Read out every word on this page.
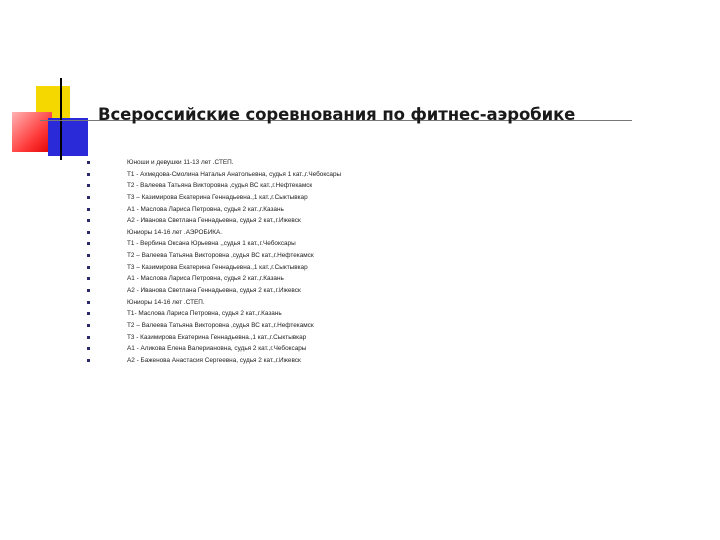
Всероссийские соревнования по фитнес-аэробике
Юноши и девушки 11-13 лет .СТЕП.
Т1 - Ахмедова-Смолина Наталья Анатольевна, судья 1 кат.,г.Чебоксары
Т2 - Валеева Татьяна Викторовна ,судья ВС кат.,г.Нефтекамск
Т3 – Казимирова Екатерина Геннадьевна.,1 кат.,г.Сыктывкар
А1 - Маслова Лариса Петровна, судья 2 кат.,г.Казань
А2 - Иванова Светлана Геннадьевна, судья 2 кат.,г.Ижевск
Юниоры 14-16 лет .АЭРОБИКА.
Т1 - Вербина Оксана Юрьевна ,,судья 1 кат.,г.Чебоксары
Т2 – Валеева Татьяна Викторовна ,судья ВС кат.,г.Нефтекамск
Т3 – Казимирова Екатерина Геннадьевна.,1 кат.,г.Сыктывкар
А1 - Маслова Лариса Петровна, судья 2 кат.,г.Казань
А2 - Иванова Светлана Геннадьевна, судья 2 кат.,г.Ижевск
Юниоры 14-16 лет .СТЕП.
Т1- Маслова Лариса Петровна, судья 2 кат.,г.Казань
Т2 – Валеева Татьяна Викторовна ,судья ВС кат.,г.Нефтекамск
Т3 - Казимирова Екатерина Геннадьевна.,1 кат.,г.Сыктывкар
А1 - Аликова Елена Валериановна, судья 2 кат.,г.Чебоксары
А2 - Баженова Анастасия Сергеевна, судья 2 кат.,г.Ижевск
